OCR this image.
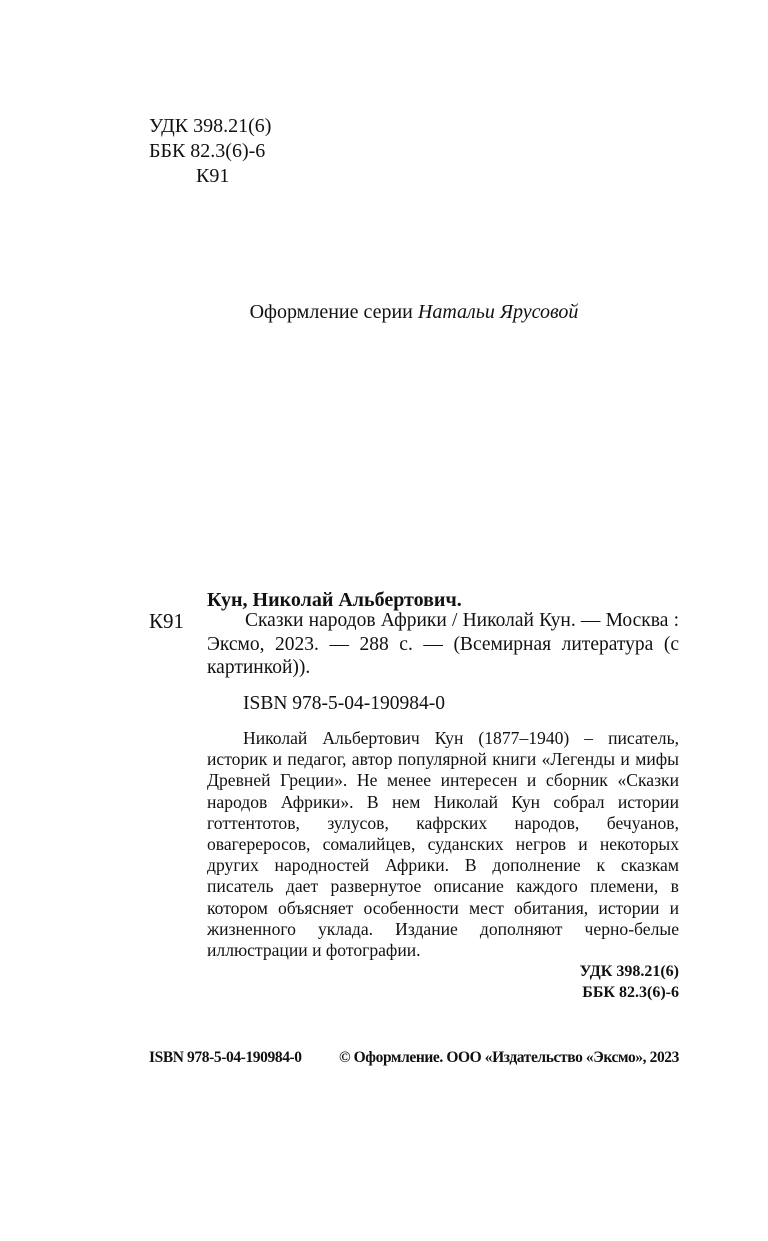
УДК 398.21(6)
ББК 82.3(6)-6
К91
Оформление серии Натальи Ярусовой
Кун, Николай Альбертович.
К91	Сказки народов Африки / Николай Кун. — Москва : Эксмо, 2023. — 288 с. — (Всемирная литература (с картинкой)).
ISBN 978-5-04-190984-0

Николай Альбертович Кун (1877–1940) – писатель, историк и педагог, автор популярной книги «Легенды и мифы Древней Греции». Не менее интересен и сборник «Сказки народов Африки». В нем Николай Кун собрал истории готтентотов, зулусов, кафрских народов, бечуанов, овагереросов, сомалийцев, суданских негров и некоторых других народностей Африки. В дополнение к сказкам писатель дает развернутое описание каждого племени, в котором объясняет особенности мест обитания, истории и жизненного уклада. Издание дополняют черно-белые иллюстрации и фотографии.

УДК 398.21(6)
ББК 82.3(6)-6
ISBN 978-5-04-190984-0 © Оформление. ООО «Издательство «Эксмо», 2023
